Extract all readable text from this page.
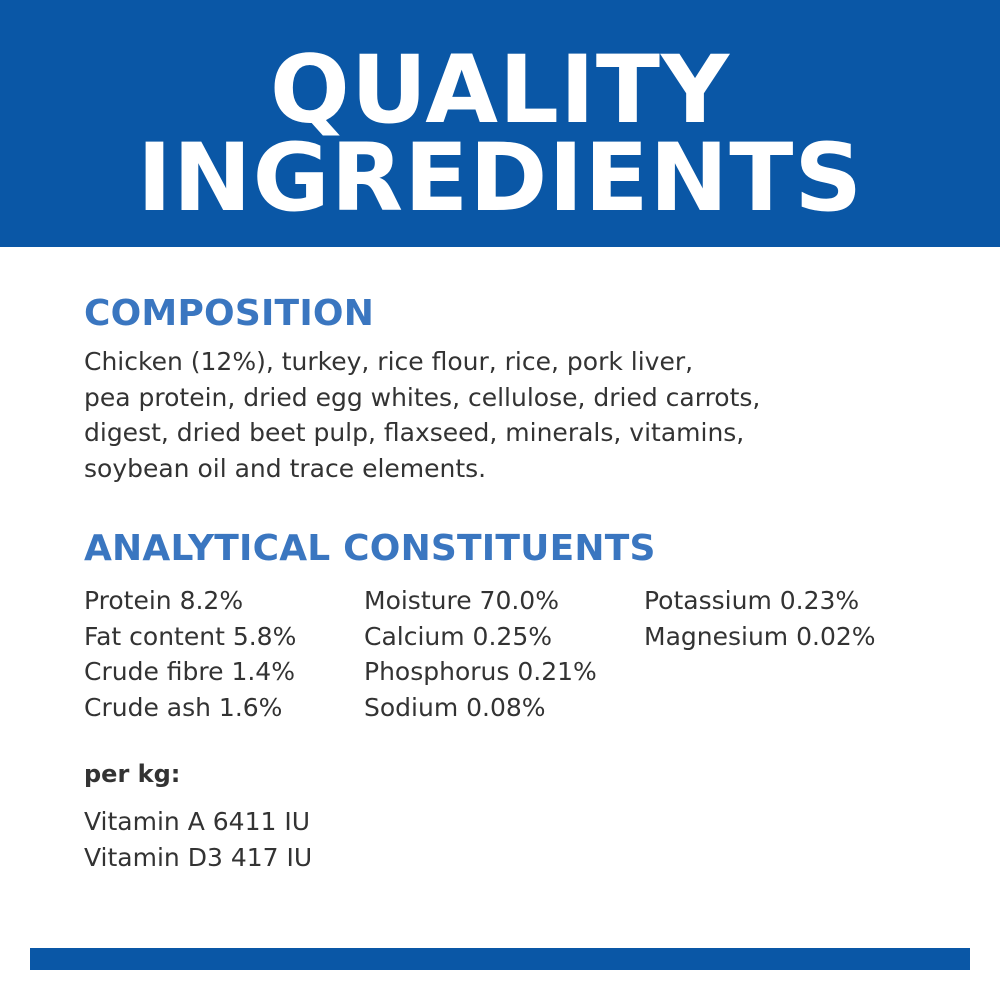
QUALITY
INGREDIENTS
COMPOSITION
Chicken (12%), turkey, rice flour, rice, pork liver,
pea protein, dried egg whites, cellulose, dried carrots,
digest, dried beet pulp, flaxseed, minerals, vitamins,
soybean oil and trace elements.
ANALYTICAL CONSTITUENTS
Protein 8.2%
Fat content 5.8%
Crude fibre 1.4%
Crude ash 1.6%
Moisture 70.0%
Calcium 0.25%
Phosphorus 0.21%
Sodium 0.08%
Potassium 0.23%
Magnesium 0.02%
per kg:
Vitamin A 6411 IU
Vitamin D3 417 IU
